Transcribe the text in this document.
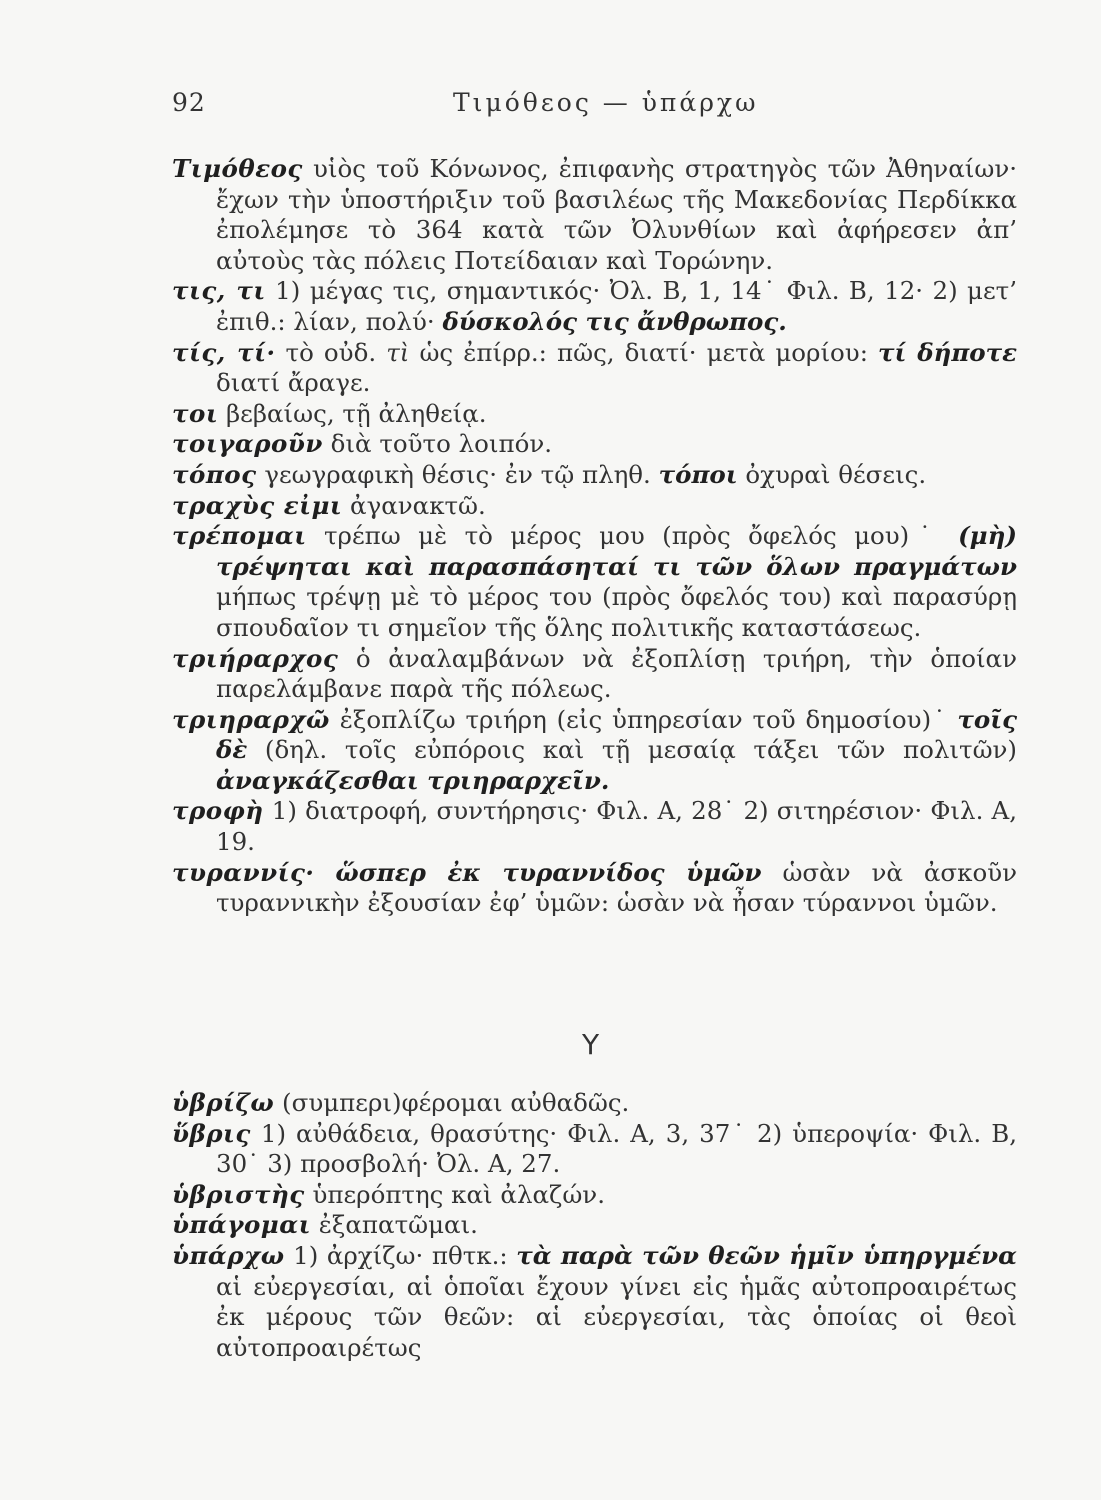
92	Τιμόθεος — ὑπάρχω

Τιμόθεος υἱὸς τοῦ Κόνωνος, ἐπιφανὴς στρατηγὸς τῶν Ἀθηναίων· ἔχων τὴν ὑποστήριξιν τοῦ βασιλέως τῆς Μακεδονίας Περδίκκα ἐπολέμησε τὸ 364 κατὰ τῶν Ὀλυνθίων καὶ ἀφήρεσεν ἀπ’ αὐτοὺς τὰς πόλεις Ποτείδαιαν καὶ Τορώνην.

τις, τι 1) μέγας τις, σημαντικός· Ὀλ. Β, 1, 14˙ Φιλ. Β, 12· 2) μετ’ ἐπιθ.: λίαν, πολύ· δύσκολός τις ἄνθρωπος.

τίς, τί· τὸ οὐδ. τὶ ὡς ἐπίρρ.: πῶς, διατί· μετὰ μορίου: τί δήποτε διατί ἄραγε.

τοι βεβαίως, τῇ ἀληθείᾳ.

τοιγαροῦν διὰ τοῦτο λοιπόν.

τόπος γεωγραφικὴ θέσις· ἐν τῷ πληθ. τόποι ὀχυραὶ θέσεις.

τραχὺς εἰμι ἀγανακτῶ.

τρέπομαι τρέπω μὲ τὸ μέρος μου (πρὸς ὄφελός μου)˙ (μὴ) τρέψηται καὶ παρασπάσηταί τι τῶν ὅλων πραγμάτων μήπως τρέψῃ μὲ τὸ μέρος του (πρὸς ὄφελός του) καὶ παρασύρῃ σπουδαῖον τι σημεῖον τῆς ὅλης πολιτικῆς καταστάσεως.

τριήραρχος ὁ ἀναλαμβάνων νὰ ἐξοπλίσῃ τριήρη, τὴν ὁποίαν παρελάμβανε παρὰ τῆς πόλεως.

τριηραρχῶ ἐξοπλίζω τριήρη (εἰς ὑπηρεσίαν τοῦ δημοσίου)˙ τοῖς δὲ (δηλ. τοῖς εὐπόροις καὶ τῇ μεσαίᾳ τάξει τῶν πολιτῶν) ἀναγκάζεσθαι τριηραρχεῖν.

τροφὴ 1) διατροφή, συντήρησις· Φιλ. Α, 28˙ 2) σιτηρέσιον· Φιλ. Α, 19.

τυραννίς· ὥσπερ ἐκ τυραννίδος ὑμῶν ὡσὰν νὰ ἀσκοῦν τυραννικὴν ἐξουσίαν ἐφ’ ὑμῶν: ὡσὰν νὰ ἦσαν τύραννοι ὑμῶν.

Υ

ὑβρίζω (συμπερι)φέρομαι αὐθαδῶς.

ὕβρις 1) αὐθάδεια, θρασύτης· Φιλ. Α, 3, 37˙ 2) ὑπεροψία· Φιλ. Β, 30˙ 3) προσβολή· Ὀλ. Α, 27.

ὑβριστὴς ὑπερόπτης καὶ ἀλαζών.

ὑπάγομαι ἐξαπατῶμαι.

ὑπάρχω 1) ἀρχίζω· πθτκ.: τὰ παρὰ τῶν θεῶν ἡμῖν ὑπηργμένα αἱ εὐεργεσίαι, αἱ ὁποῖαι ἔχουν γίνει εἰς ἡμᾶς αὐτοπροαιρέτως ἐκ μέρους τῶν θεῶν: αἱ εὐεργεσίαι, τὰς ὁποίας οἱ θεοὶ αὐτοπροαιρέτως
